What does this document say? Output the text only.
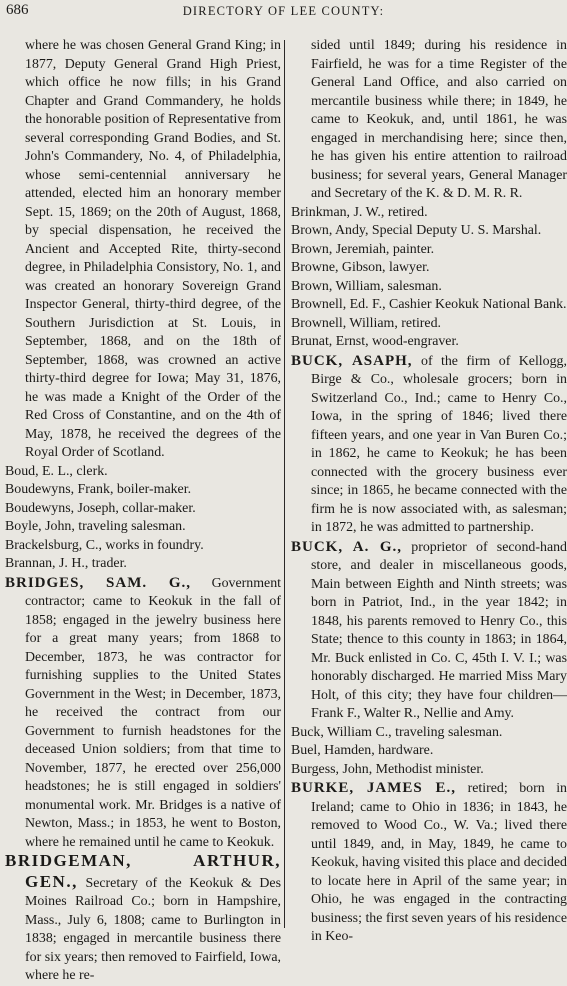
686	DIRECTORY OF LEE COUNTY:

where he was chosen General Grand King; in 1877, Deputy General Grand High Priest, which office he now fills; in his Grand Chapter and Grand Commandery, he holds the honorable position of Representative from several corresponding Grand Bodies, and St. John's Commandery, No. 4, of Philadelphia, whose semi-centennial anniversary he attended, elected him an honorary member Sept. 15, 1869; on the 20th of August, 1868, by special dispensation, he received the Ancient and Accepted Rite, thirty-second degree, in Philadelphia Consistory, No. 1, and was created an honorary Sovereign Grand Inspector General, thirty-third degree, of the Southern Jurisdiction at St. Louis, in September, 1868, and on the 18th of September, 1868, was crowned an active thirty-third degree for Iowa; May 31, 1876, he was made a Knight of the Order of the Red Cross of Constantine, and on the 4th of May, 1878, he received the degrees of the Royal Order of Scotland.

Boud, E. L., clerk.

Boudewyns, Frank, boiler-maker.

Boudewyns, Joseph, collar-maker.

Boyle, John, traveling salesman.

Brackelsburg, C., works in foundry.

Brannan, J. H., trader.

BRIDGES, SAM. G., Government contractor; came to Keokuk in the fall of 1858; engaged in the jewelry business here for a great many years; from 1868 to December, 1873, he was contractor for furnishing supplies to the United States Government in the West; in December, 1873, he received the contract from our Government to furnish headstones for the deceased Union soldiers; from that time to November, 1877, he erected over 256,000 headstones; he is still engaged in soldiers' monumental work. Mr. Bridges is a native of Newton, Mass.; in 1853, he went to Boston, where he remained until he came to Keokuk.

BRIDGEMAN, ARTHUR, GEN., Secretary of the Keokuk & Des Moines Railroad Co.; born in Hampshire, Mass., July 6, 1808; came to Burlington in 1838; engaged in mercantile business there for six years; then removed to Fairfield, Iowa, where he re-

sided until 1849; during his residence in Fairfield, he was for a time Register of the General Land Office, and also carried on mercantile business while there; in 1849, he came to Keokuk, and, until 1861, he was engaged in merchandising here; since then, he has given his entire attention to railroad business; for several years, General Manager and Secretary of the K. & D. M. R. R.

Brinkman, J. W., retired.

Brown, Andy, Special Deputy U. S. Marshal.

Brown, Jeremiah, painter.

Browne, Gibson, lawyer.

Brown, William, salesman.

Brownell, Ed. F., Cashier Keokuk National Bank.

Brownell, William, retired.

Brunat, Ernst, wood-engraver.

BUCK, ASAPH, of the firm of Kellogg, Birge & Co., wholesale grocers; born in Switzerland Co., Ind.; came to Henry Co., Iowa, in the spring of 1846; lived there fifteen years, and one year in Van Buren Co.; in 1862, he came to Keokuk; he has been connected with the grocery business ever since; in 1865, he became connected with the firm he is now associated with, as salesman; in 1872, he was admitted to partnership.

BUCK, A. G., proprietor of second-hand store, and dealer in miscellaneous goods, Main between Eighth and Ninth streets; was born in Patriot, Ind., in the year 1842; in 1848, his parents removed to Henry Co., this State; thence to this county in 1863; in 1864, Mr. Buck enlisted in Co. C, 45th I. V. I.; was honorably discharged. He married Miss Mary Holt, of this city; they have four children—Frank F., Walter R., Nellie and Amy.

Buck, William C., traveling salesman.

Buel, Hamden, hardware.

Burgess, John, Methodist minister.

BURKE, JAMES E., retired; born in Ireland; came to Ohio in 1836; in 1843, he removed to Wood Co., W. Va.; lived there until 1849, and, in May, 1849, he came to Keokuk, having visited this place and decided to locate here in April of the same year; in Ohio, he was engaged in the contracting business; the first seven years of his residence in Keo-
